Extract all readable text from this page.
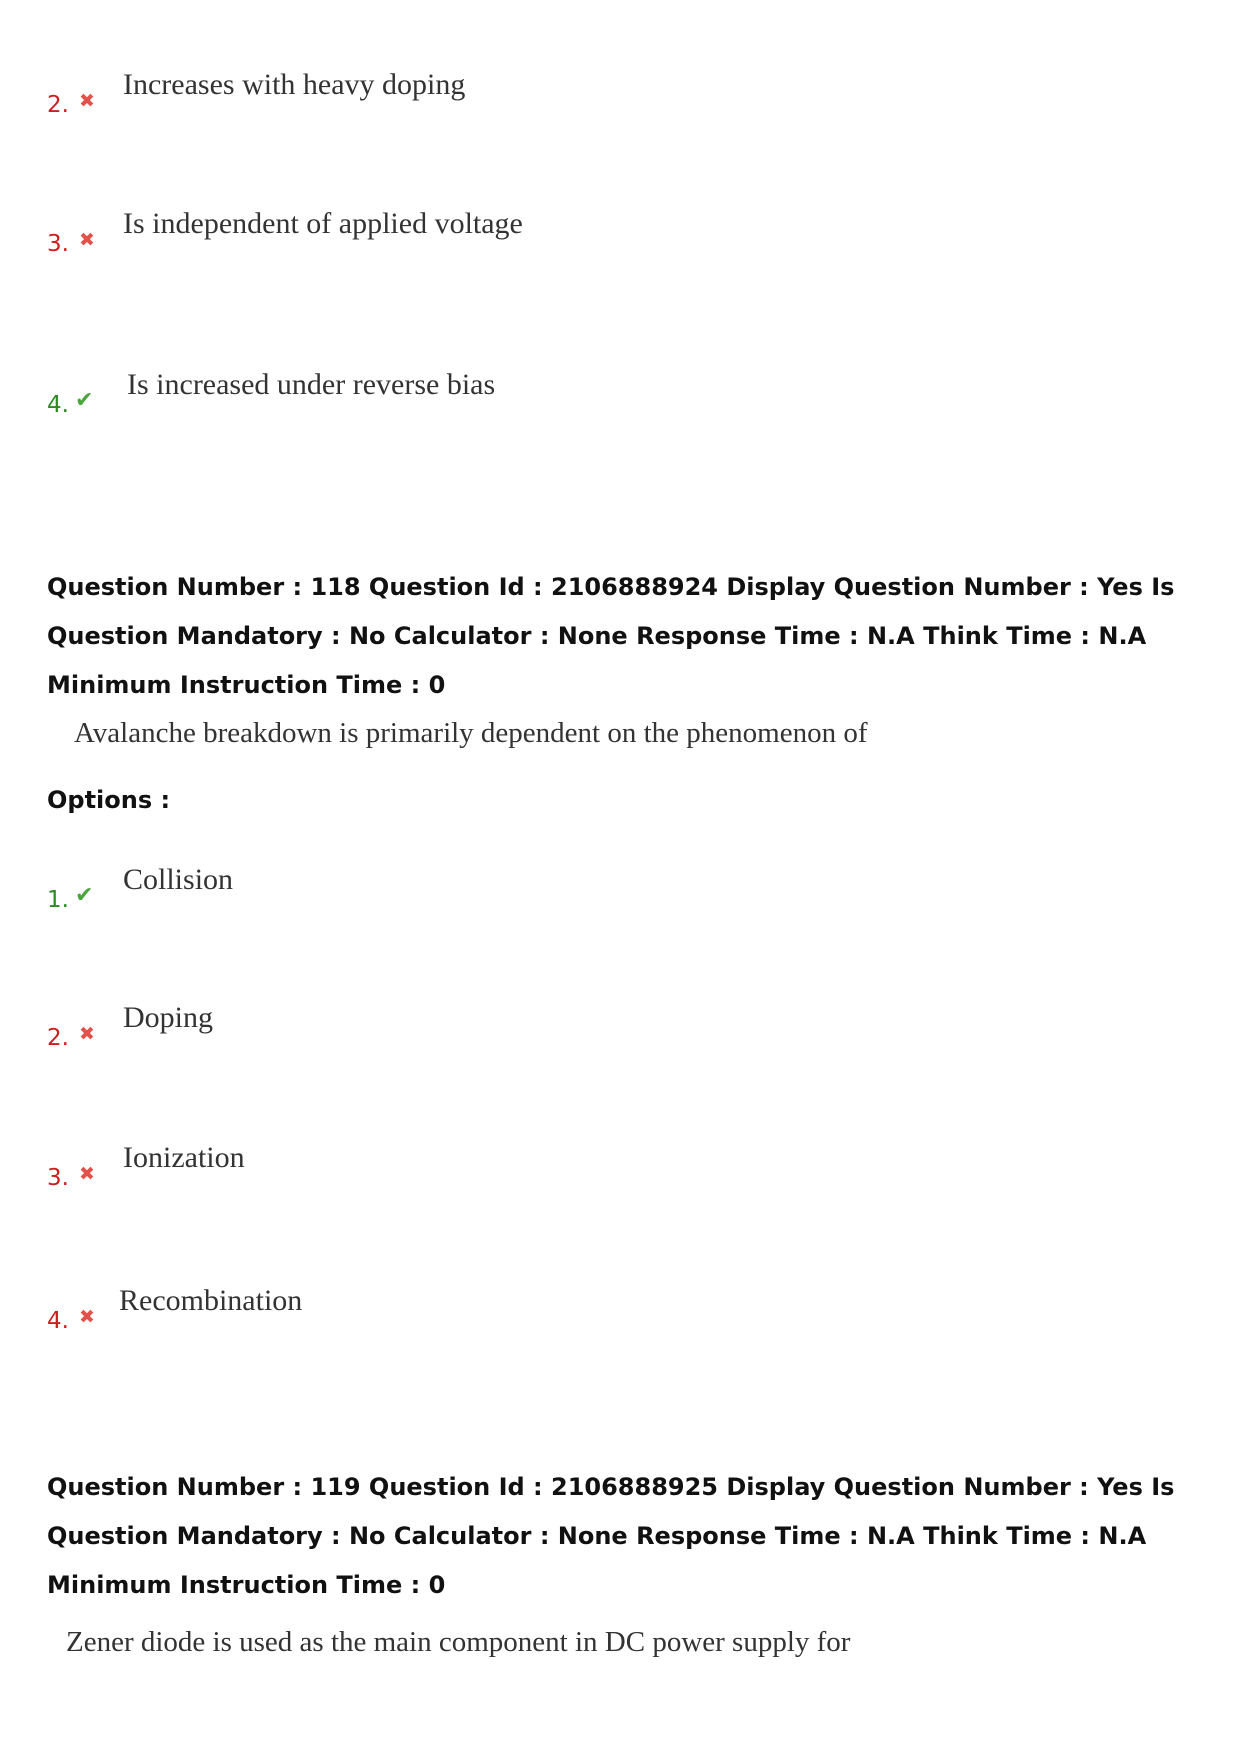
2. ✖ Increases with heavy doping
3. ✖ Is independent of applied voltage
4. ✔ Is increased under reverse bias
Question Number : 118 Question Id : 2106888924 Display Question Number : Yes Is Question Mandatory : No Calculator : None Response Time : N.A Think Time : N.A Minimum Instruction Time : 0
Avalanche breakdown is primarily dependent on the phenomenon of
Options :
1. ✔ Collision
2. ✖ Doping
3. ✖ Ionization
4. ✖ Recombination
Question Number : 119 Question Id : 2106888925 Display Question Number : Yes Is Question Mandatory : No Calculator : None Response Time : N.A Think Time : N.A Minimum Instruction Time : 0
Zener diode is used as the main component in DC power supply for
